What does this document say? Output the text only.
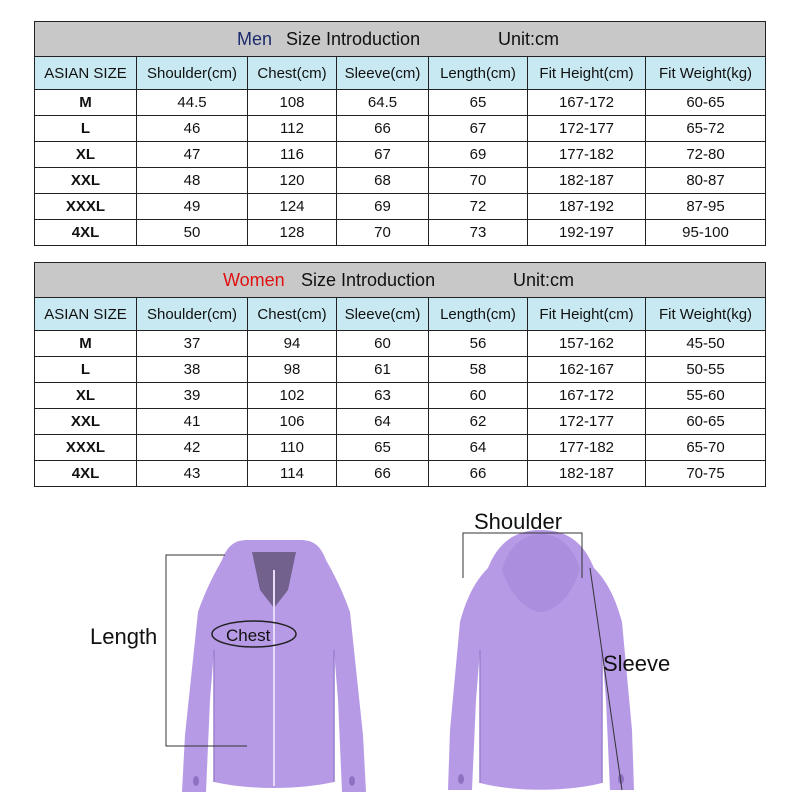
Men Size Introduction Unit:cm						

ASIAN SIZE	Shoulder(cm)	Chest(cm)	Sleeve(cm)	Length(cm)	Fit Height(cm)	Fit Weight(kg)
M	44.5	108	64.5	65	167-172	60-65
L	46	112	66	67	172-177	65-72
XL	47	116	67	69	177-182	72-80
XXL	48	120	68	70	182-187	80-87
XXXL	49	124	69	72	187-192	87-95
4XL	50	128	70	73	192-197	95-100
Women Size Introduction Unit:cm						

ASIAN SIZE	Shoulder(cm)	Chest(cm)	Sleeve(cm)	Length(cm)	Fit Height(cm)	Fit Weight(kg)
M	37	94	60	56	157-162	45-50
L	38	98	61	58	162-167	50-55
XL	39	102	63	60	167-172	55-60
XXL	41	106	64	62	172-177	60-65
XXXL	42	110	65	64	177-182	65-70
4XL	43	114	66	66	182-187	70-75
Length	Chest
Shoulder
Sleeve
